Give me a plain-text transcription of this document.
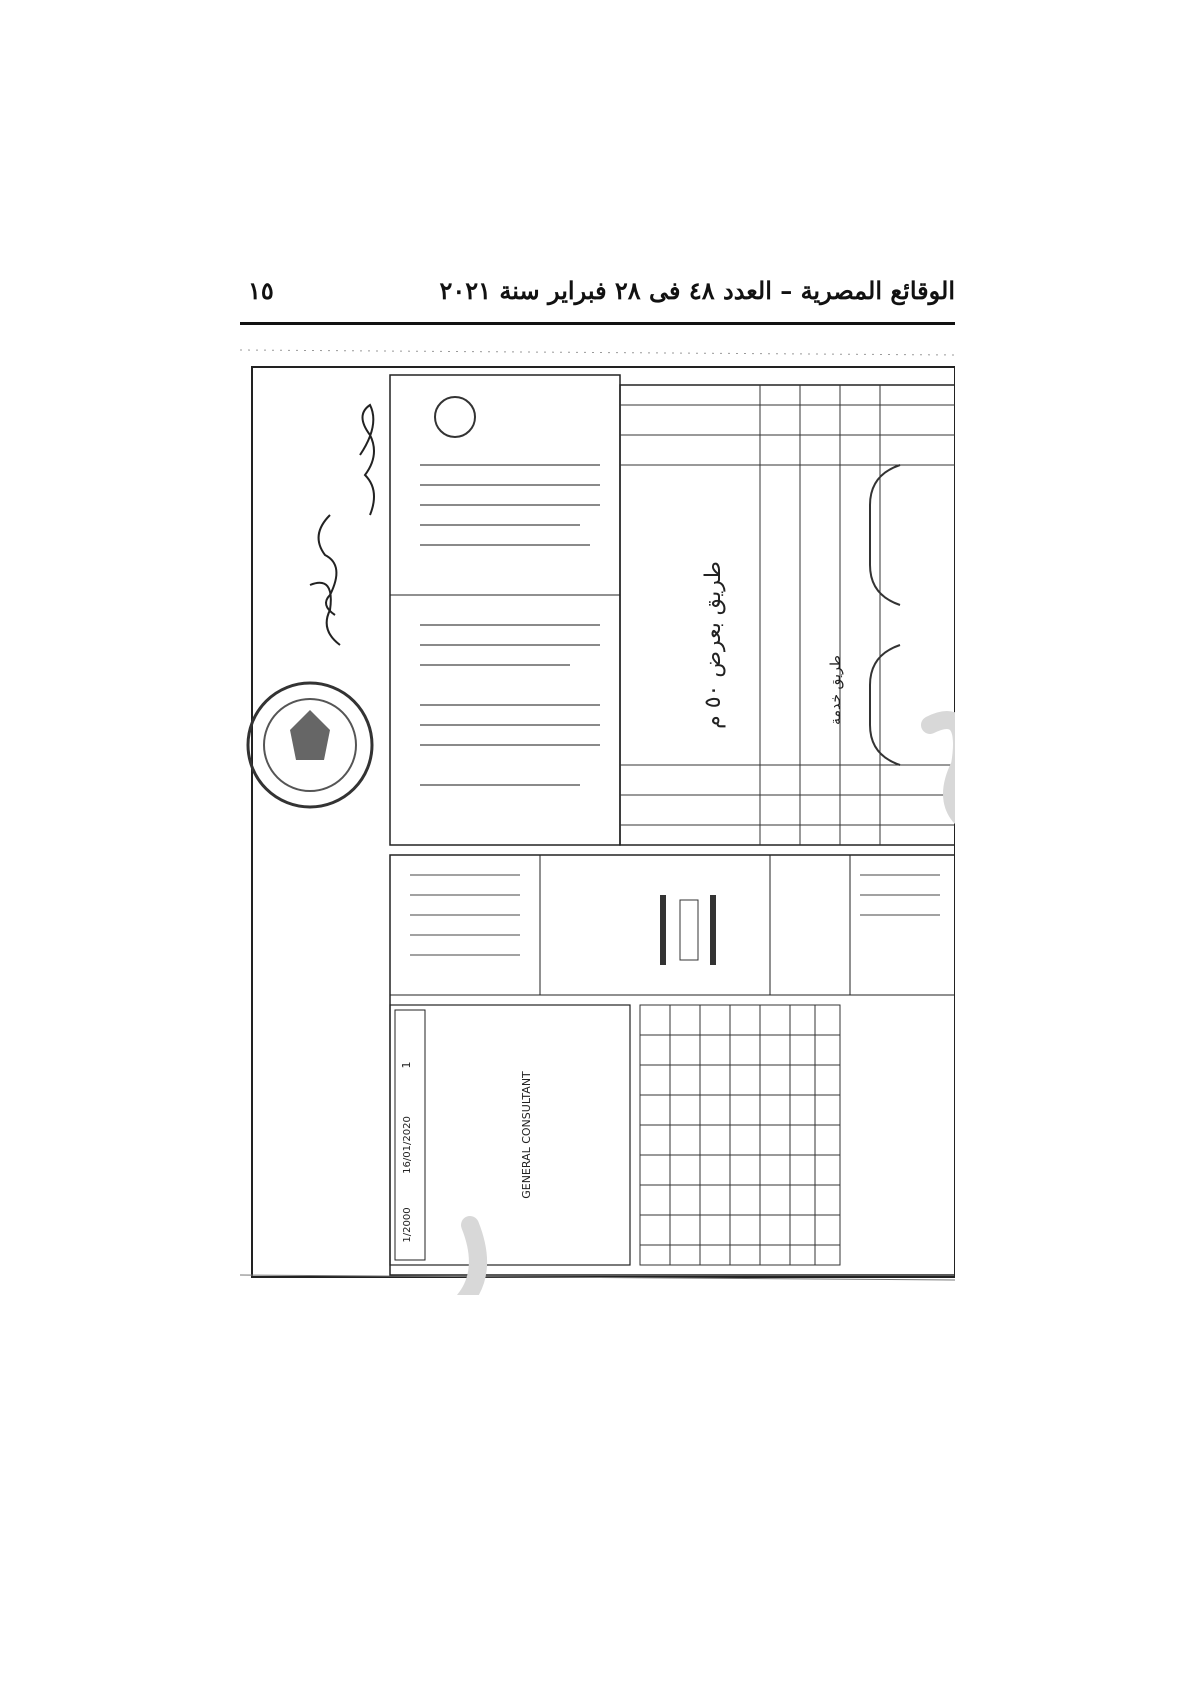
١٥	الوقائع المصرية – العدد ٤٨ فى ٢٨ فبراير سنة ٢٠٢١
طريق بعرض ٥٠ م
طريق خدمة
GENERAL CONSULTANT
1
16/01/2020
1/2000
